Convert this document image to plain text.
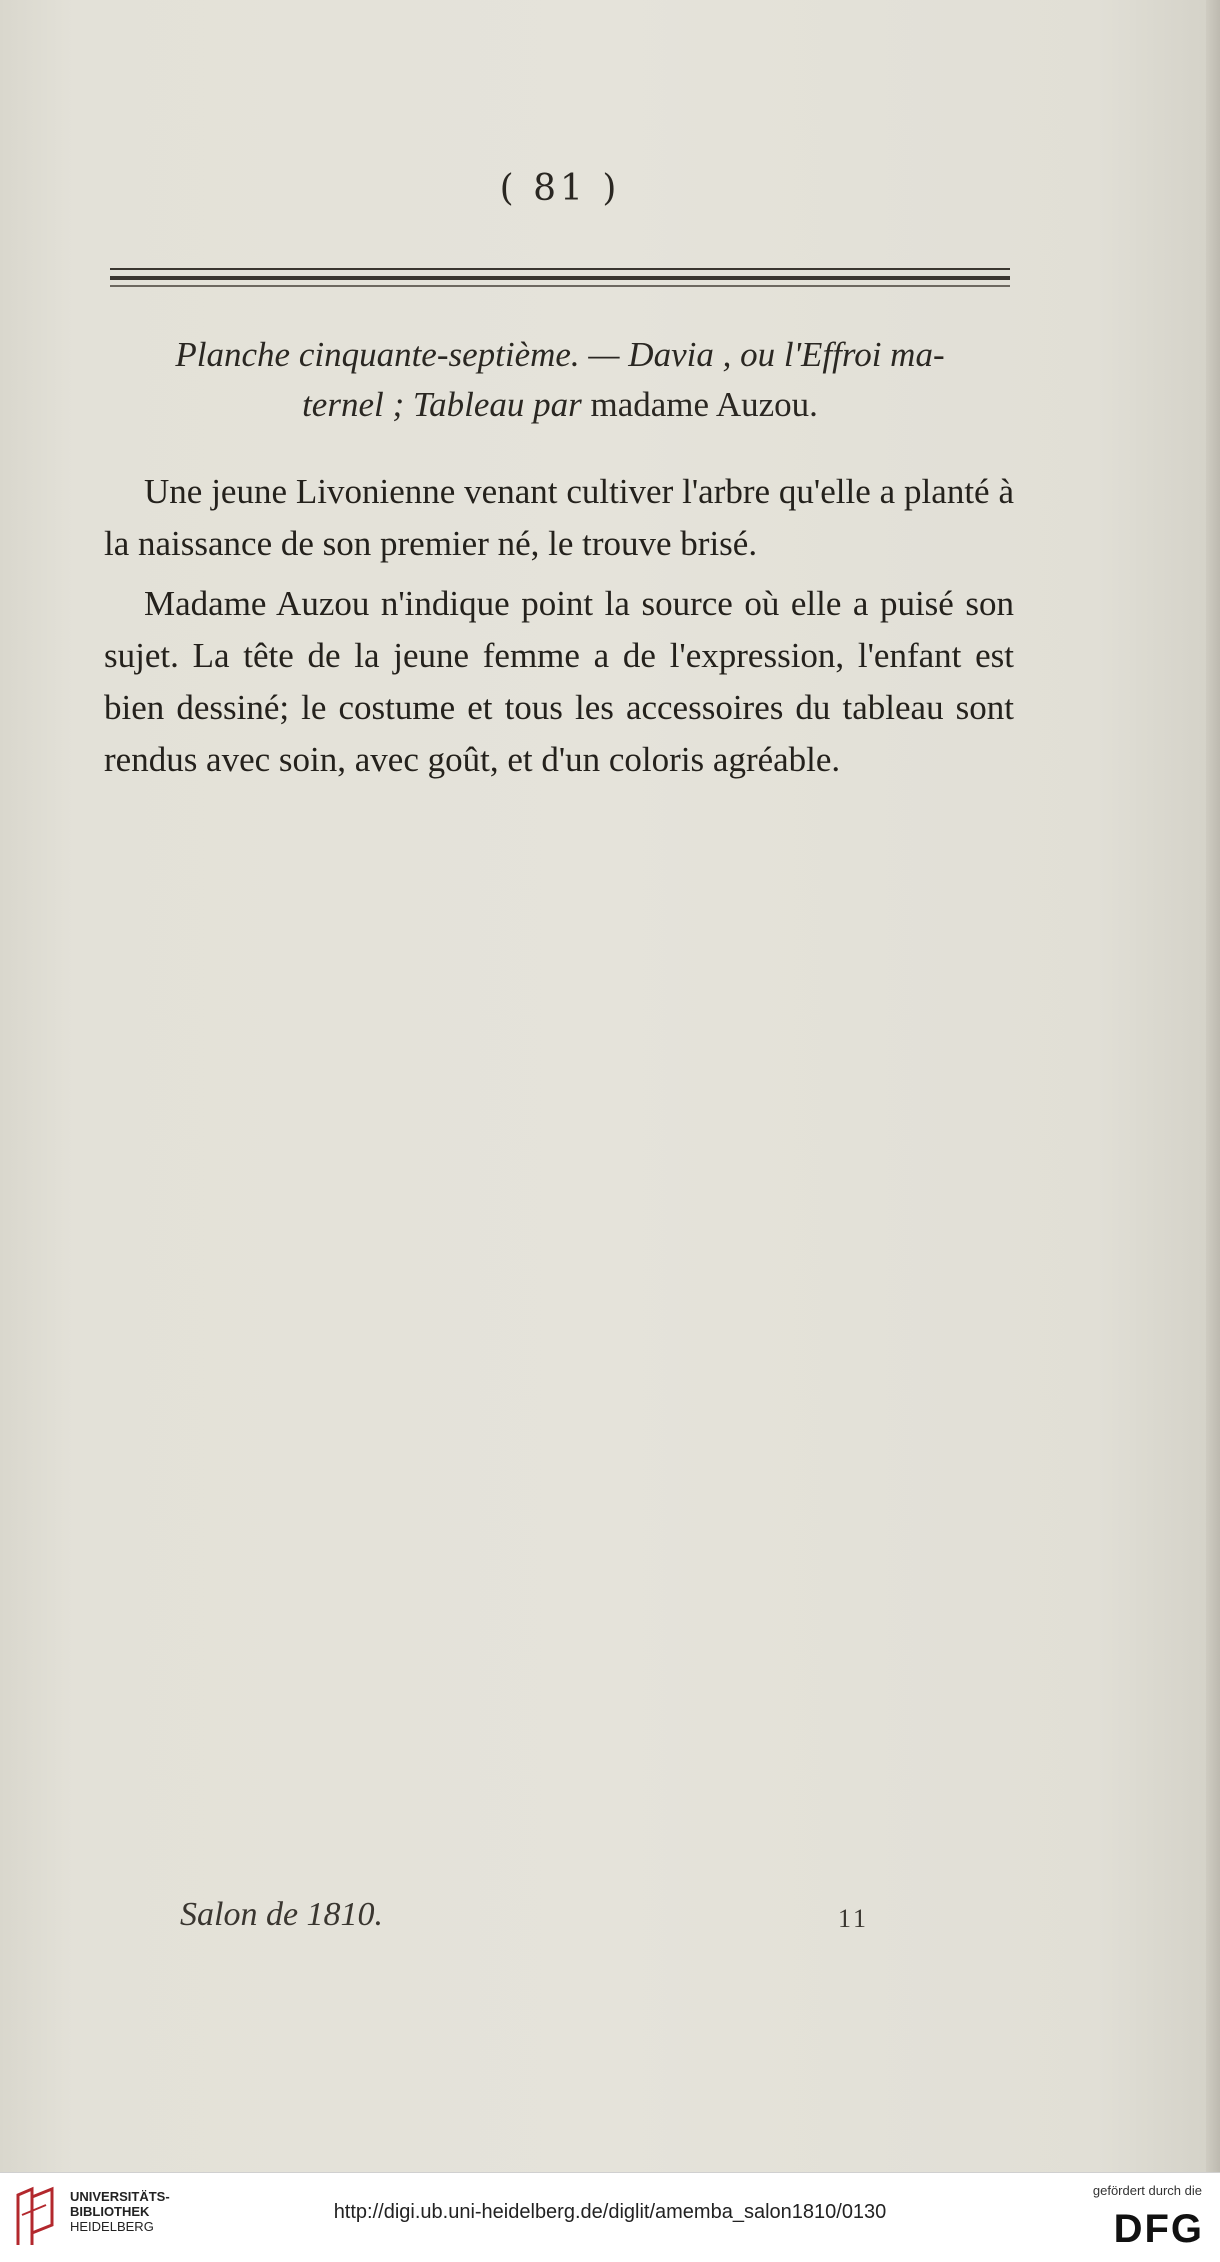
( 81 )
Planche cinquante-septième. — Davia , ou l'Effroi ma-
ternel ; Tableau par madame Auzou.

Une jeune Livonienne venant cultiver l'arbre qu'elle a planté à la naissance de son premier né, le trouve brisé.

Madame Auzou n'indique point la source où elle a puisé son sujet. La tête de la jeune femme a de l'expression, l'enfant est bien dessiné; le costume et tous les accessoires du tableau sont rendus avec soin, avec goût, et d'un coloris agréable.

Salon de 1810.	11
UNIVERSITÄTS-
BIBLIOTHEK
HEIDELBERG
http://digi.ub.uni-heidelberg.de/diglit/amemba_salon1810/0130
gefördert durch die
DFG
